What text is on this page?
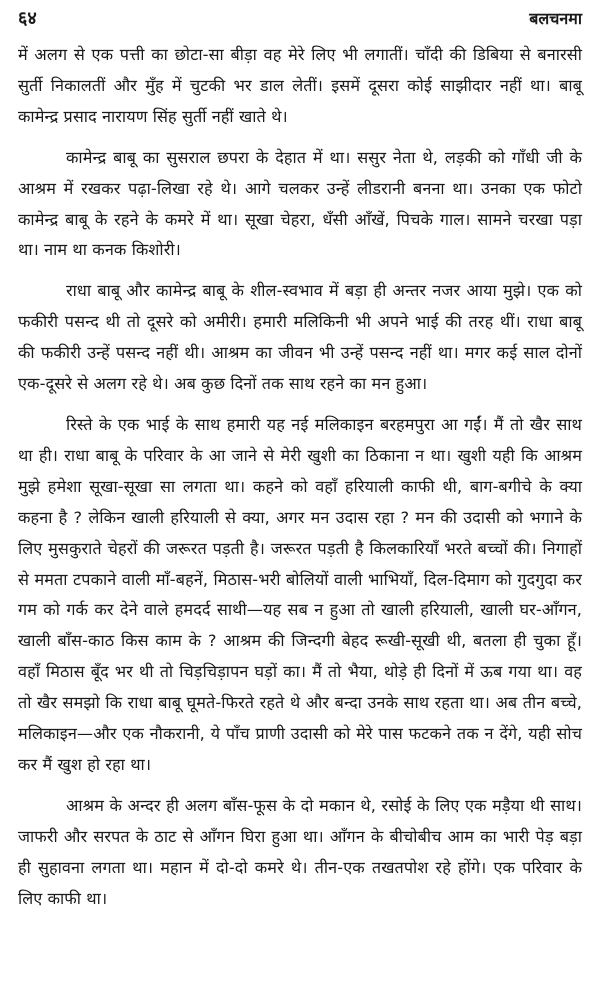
६४	बलचनमा

में अलग से एक पत्ती का छोटा-सा बीड़ा वह मेरे लिए भी लगातीं। चाँदी की डिबिया से बनारसी सुर्ती निकालतीं और मुँह में चुटकी भर डाल लेतीं। इसमें दूसरा कोई साझीदार नहीं था। बाबू कामेन्द्र प्रसाद नारायण सिंह सुर्ती नहीं खाते थे।

कामेन्द्र बाबू का सुसराल छपरा के देहात में था। ससुर नेता थे, लड़की को गाँधी जी के आश्रम में रखकर पढ़ा-लिखा रहे थे। आगे चलकर उन्हें लीडरानी बनना था। उनका एक फोटो कामेन्द्र बाबू के रहने के कमरे में था। सूखा चेहरा, धँसी आँखें, पिचके गाल। सामने चरखा पड़ा था। नाम था कनक किशोरी।

राधा बाबू और कामेन्द्र बाबू के शील-स्वभाव में बड़ा ही अन्तर नजर आया मुझे। एक को फकीरी पसन्द थी तो दूसरे को अमीरी। हमारी मलिकिनी भी अपने भाई की तरह थीं। राधा बाबू की फकीरी उन्हें पसन्द नहीं थी। आश्रम का जीवन भी उन्हें पसन्द नहीं था। मगर कई साल दोनों एक-दूसरे से अलग रहे थे। अब कुछ दिनों तक साथ रहने का मन हुआ।

रिस्ते के एक भाई के साथ हमारी यह नई मलिकाइन बरहमपुरा आ गईं। मैं तो खैर साथ था ही। राधा बाबू के परिवार के आ जाने से मेरी खुशी का ठिकाना न था। खुशी यही कि आश्रम मुझे हमेशा सूखा-सूखा सा लगता था। कहने को वहाँ हरियाली काफी थी, बाग-बगीचे के क्या कहना है ? लेकिन खाली हरियाली से क्या, अगर मन उदास रहा ? मन की उदासी को भगाने के लिए मुसकुराते चेहरों की जरूरत पड़ती है। जरूरत पड़ती है किलकारियाँ भरते बच्चों की। निगाहों से ममता टपकाने वाली माँ-बहनें, मिठास-भरी बोलियों वाली भाभियाँ, दिल-दिमाग को गुदगुदा कर गम को गर्क कर देने वाले हमदर्द साथी—यह सब न हुआ तो खाली हरियाली, खाली घर-आँगन, खाली बाँस-काठ किस काम के ? आश्रम की जिन्दगी बेहद रूखी-सूखी थी, बतला ही चुका हूँ। वहाँ मिठास बूँद भर थी तो चिड़चिड़ापन घड़ों का। मैं तो भैया, थोड़े ही दिनों में ऊब गया था। वह तो खैर समझो कि राधा बाबू घूमते-फिरते रहते थे और बन्दा उनके साथ रहता था। अब तीन बच्चे, मलिकाइन—और एक नौकरानी, ये पाँच प्राणी उदासी को मेरे पास फटकने तक न देंगे, यही सोच कर मैं खुश हो रहा था।

आश्रम के अन्दर ही अलग बाँस-फूस के दो मकान थे, रसोई के लिए एक मड़ैया थी साथ। जाफरी और सरपत के ठाट से आँगन घिरा हुआ था। आँगन के बीचोबीच आम का भारी पेड़ बड़ा ही सुहावना लगता था। महान में दो-दो कमरे थे। तीन-एक तखतपोश रहे होंगे। एक परिवार के लिए काफी था।
